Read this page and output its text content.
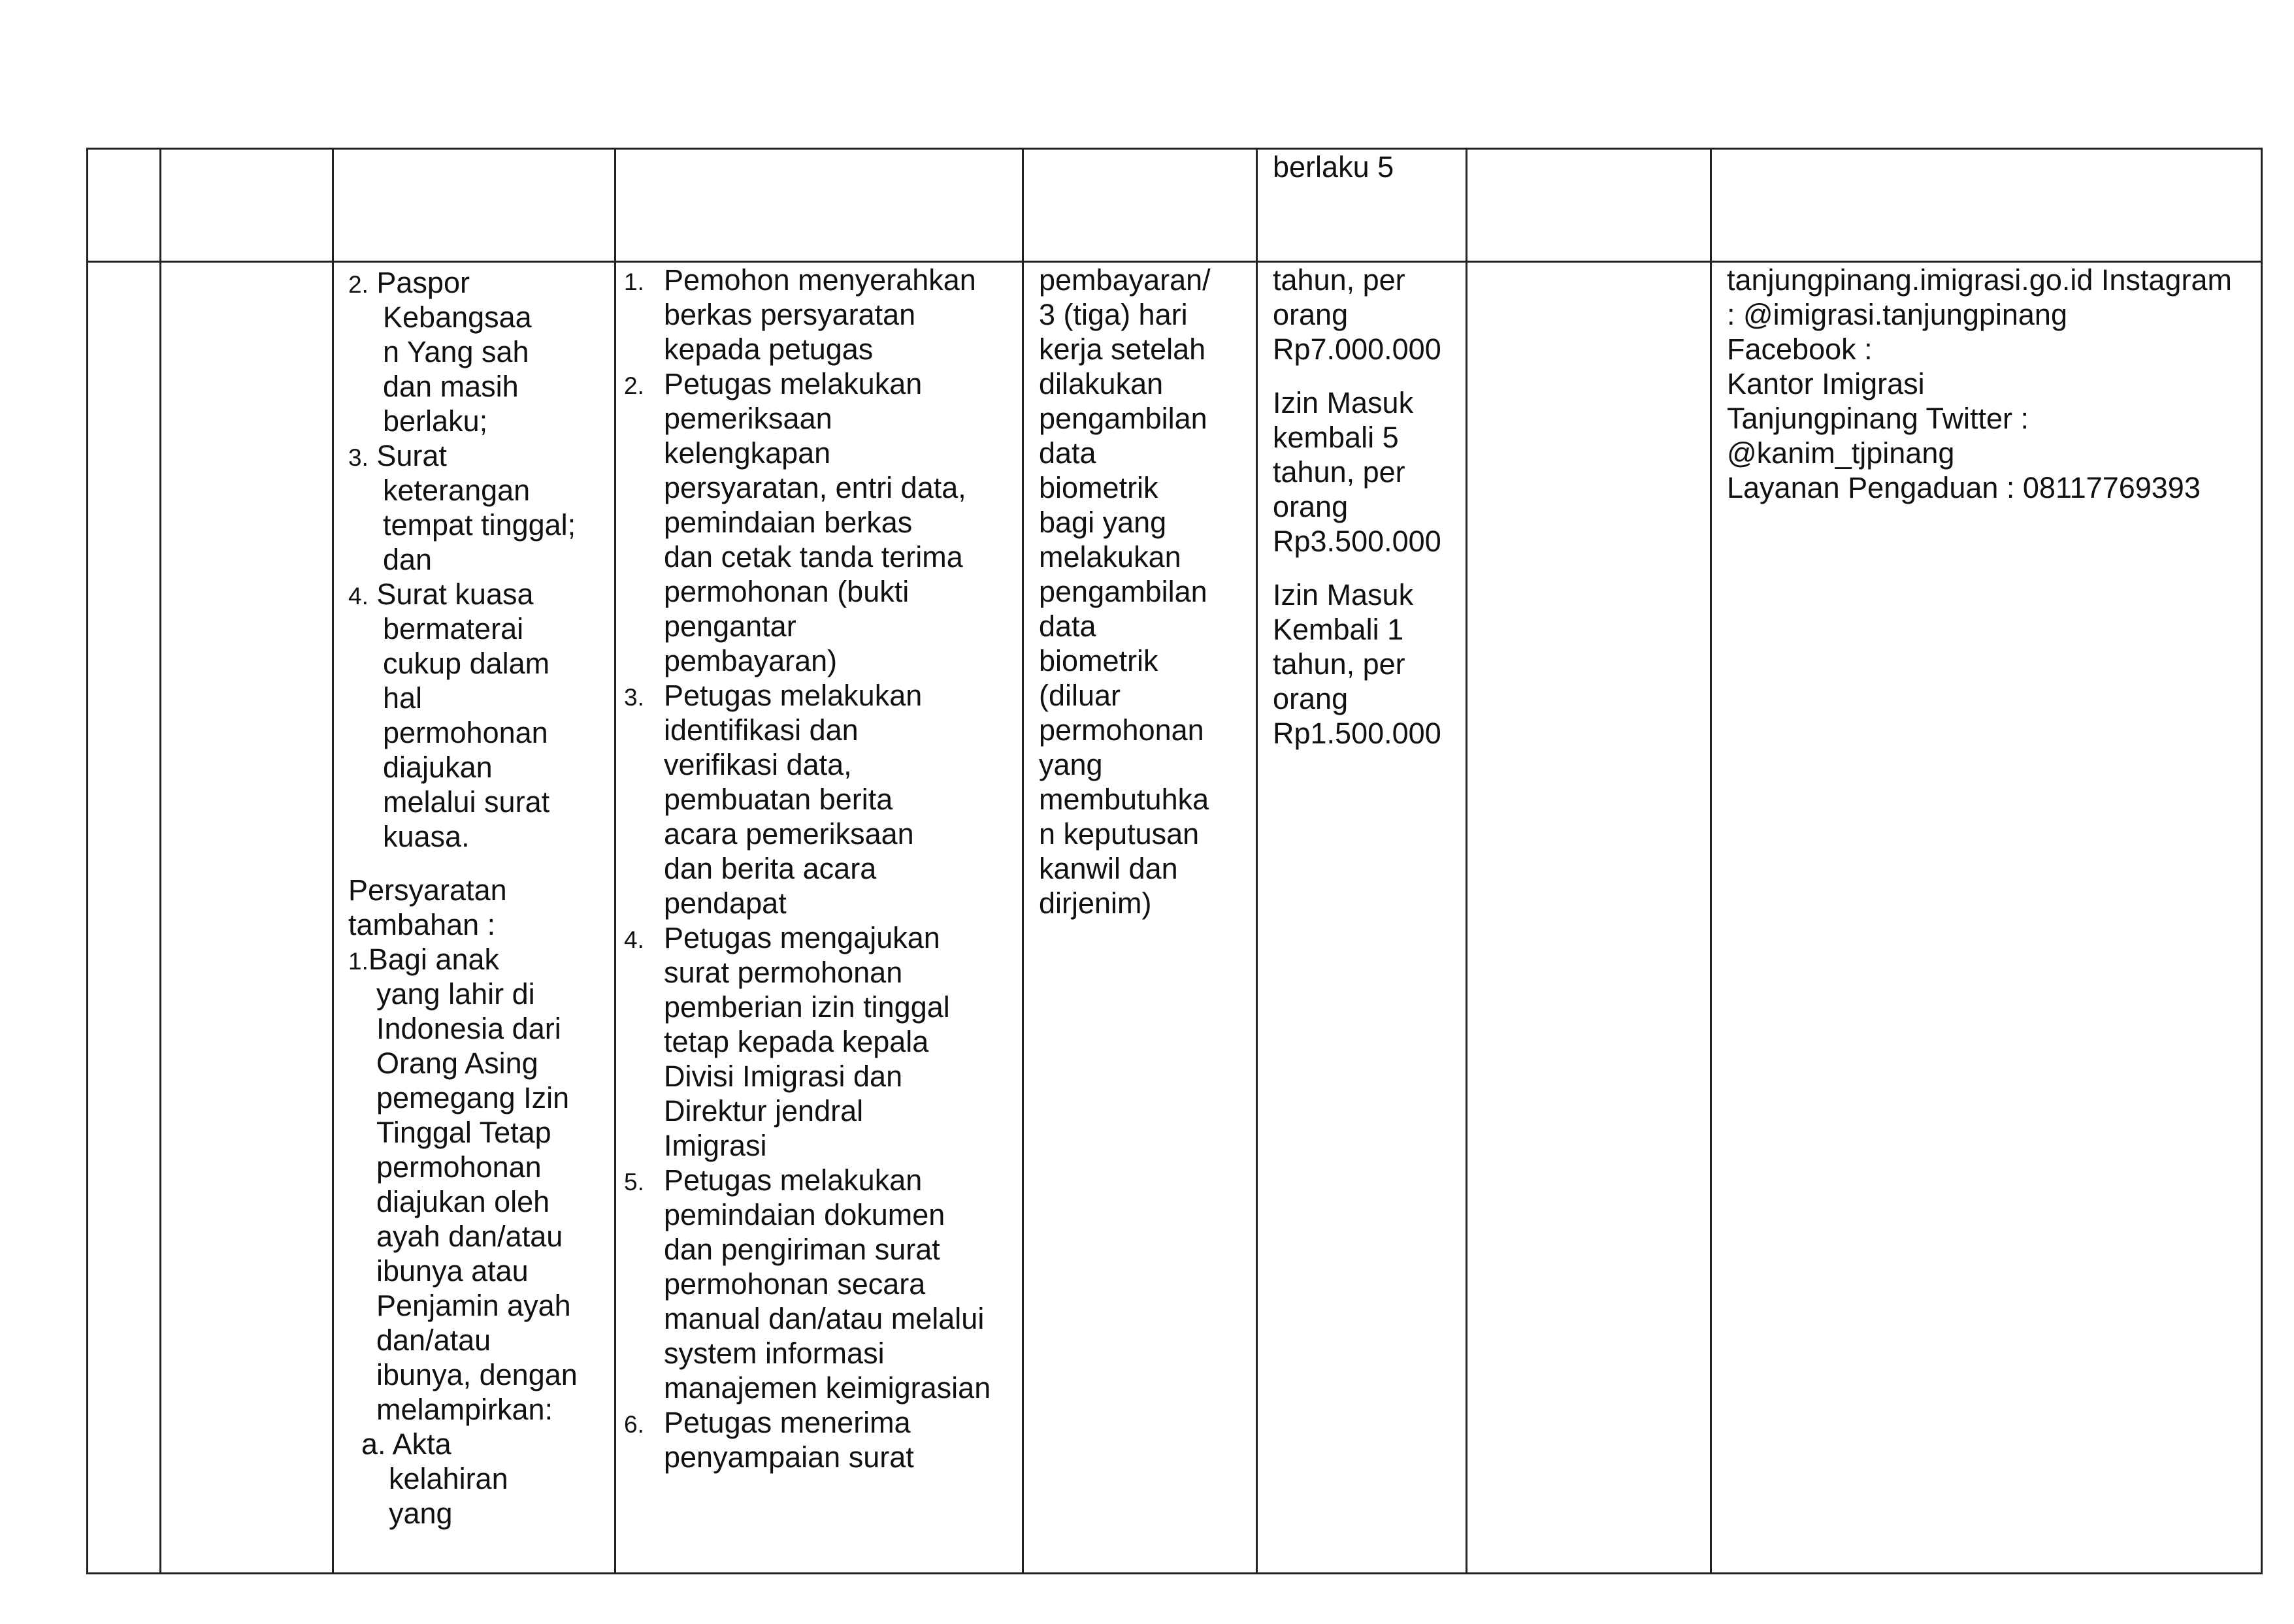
berlaku 5
2. Paspor
Kebangsaa
n Yang sah
dan masih
berlaku;
3. Surat
keterangan
tempat tinggal;
dan
4. Surat kuasa
bermaterai
cukup dalam
hal
permohonan
diajukan
melalui surat
kuasa.
Persyaratan
tambahan :
1.Bagi anak
yang lahir di
Indonesia dari
Orang Asing
pemegang Izin
Tinggal Tetap
permohonan
diajukan oleh
ayah dan/atau
ibunya atau
Penjamin ayah
dan/atau
ibunya, dengan
melampirkan:
a. Akta
kelahiran
yang
1. Pemohon menyerahkan
berkas persyaratan
kepada petugas
2. Petugas melakukan
pemeriksaan
kelengkapan
persyaratan, entri data,
pemindaian berkas
dan cetak tanda terima
permohonan (bukti
pengantar
pembayaran)
3. Petugas melakukan
identifikasi dan
verifikasi data,
pembuatan berita
acara pemeriksaan
dan berita acara
pendapat
4. Petugas mengajukan
surat permohonan
pemberian izin tinggal
tetap kepada kepala
Divisi Imigrasi dan
Direktur jendral
Imigrasi
5. Petugas melakukan
pemindaian dokumen
dan pengiriman surat
permohonan secara
manual dan/atau melalui
system informasi
manajemen keimigrasian
6. Petugas menerima
penyampaian surat
pembayaran/
3 (tiga) hari
kerja setelah
dilakukan
pengambilan
data
biometrik
bagi yang
melakukan
pengambilan
data
biometrik
(diluar
permohonan
yang
membutuhka
n keputusan
kanwil dan
dirjenim)
tahun, per
orang
Rp7.000.000
Izin Masuk
kembali 5
tahun, per
orang
Rp3.500.000
Izin Masuk
Kembali 1
tahun, per
orang
Rp1.500.000
tanjungpinang.imigrasi.go.id Instagram
: @imigrasi.tanjungpinang
Facebook :
Kantor Imigrasi
Tanjungpinang Twitter :
@kanim_tjpinang
Layanan Pengaduan : 08117769393
